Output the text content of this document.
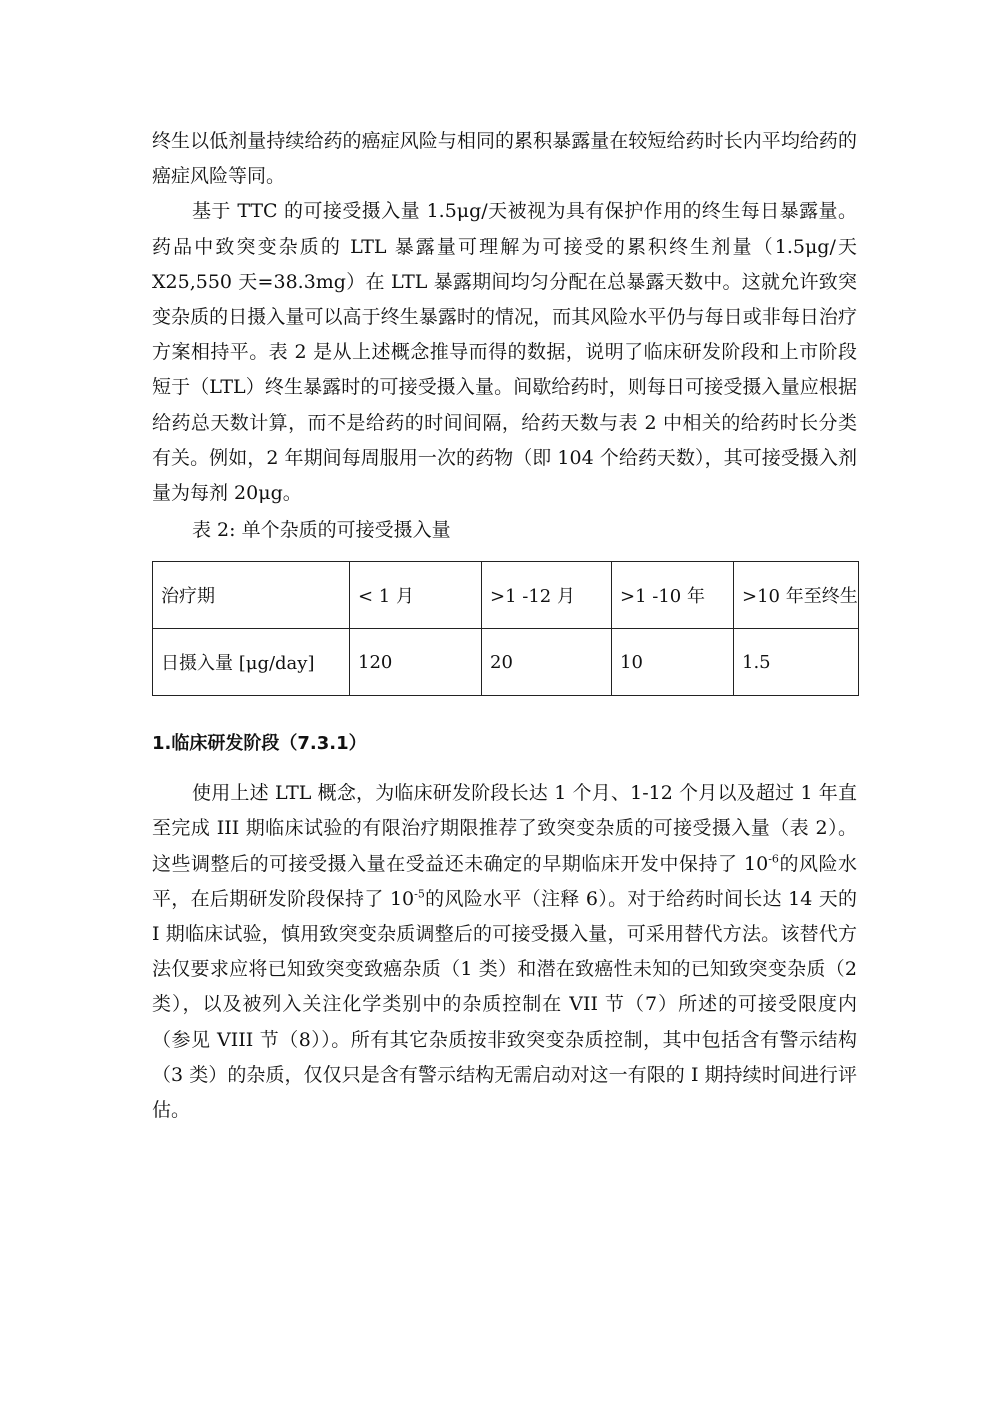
终生以低剂量持续给药的癌症风险与相同的累积暴露量在较短给药时长内平均给药的癌症风险等同。

基于 TTC 的可接受摄入量 1.5μg/天被视为具有保护作用的终生每日暴露量。药品中致突变杂质的 LTL 暴露量可理解为可接受的累积终生剂量（1.5μg/天 X25,550 天=38.3mg）在 LTL 暴露期间均匀分配在总暴露天数中。这就允许致突变杂质的日摄入量可以高于终生暴露时的情况，而其风险水平仍与每日或非每日治疗方案相持平。表 2 是从上述概念推导而得的数据，说明了临床研发阶段和上市阶段短于（LTL）终生暴露时的可接受摄入量。间歇给药时，则每日可接受摄入量应根据给药总天数计算，而不是给药的时间间隔，给药天数与表 2 中相关的给药时长分类有关。例如，2 年期间每周服用一次的药物（即 104 个给药天数），其可接受摄入剂量为每剂 20μg。

表 2: 单个杂质的可接受摄入量

治疗期	< 1 月	>1 -12 月	>1 -10 年	>10 年至终生
日摄入量 [μg/day]	120	20	10	1.5
1.临床研发阶段（7.3.1）

使用上述 LTL 概念，为临床研发阶段长达 1 个月、1-12 个月以及超过 1 年直至完成 III 期临床试验的有限治疗期限推荐了致突变杂质的可接受摄入量（表 2）。这些调整后的可接受摄入量在受益还未确定的早期临床开发中保持了 $10^{-6}$的风险水平，在后期研发阶段保持了 $10^{-5}$的风险水平（注释 6）。对于给药时间长达 14 天的 I 期临床试验，慎用致突变杂质调整后的可接受摄入量，可采用替代方法。该替代方法仅要求应将已知致突变致癌杂质（1 类）和潜在致癌性未知的已知致突变杂质（2 类），以及被列入关注化学类别中的杂质控制在 VII 节（7）所述的可接受限度内（参见 VIII 节（8））。所有其它杂质按非致突变杂质控制，其中包括含有警示结构（3 类）的杂质，仅仅只是含有警示结构无需启动对这一有限的 I 期持续时间进行评估。
